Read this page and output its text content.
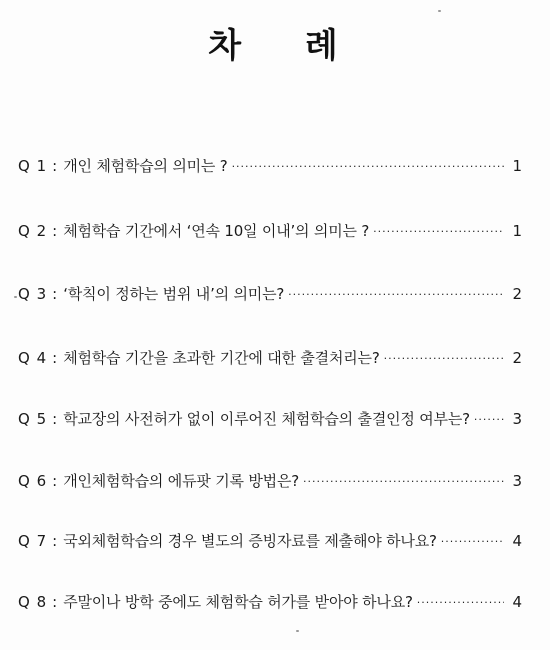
차 례
Q 1 : 개인 체험학습의 의미는 ? ·····	1
Q 2 : 체험학습 기간에서 ‘연속 10일 이내’의 의미는 ? ·····	1
Q 3 : ‘학칙이 정하는 범위 내’의 의미는? ·····	2
Q 4 : 체험학습 기간을 초과한 기간에 대한 출결처리는? ·····	2
Q 5 : 학교장의 사전허가 없이 이루어진 체험학습의 출결인정 여부는? ·····	3
Q 6 : 개인체험학습의 에듀팟 기록 방법은? ·····	3
Q 7 : 국외체험학습의 경우 별도의 증빙자료를 제출해야 하나요? ·····	4
Q 8 : 주말이나 방학 중에도 체험학습 허가를 받아야 하나요? ·····	4
